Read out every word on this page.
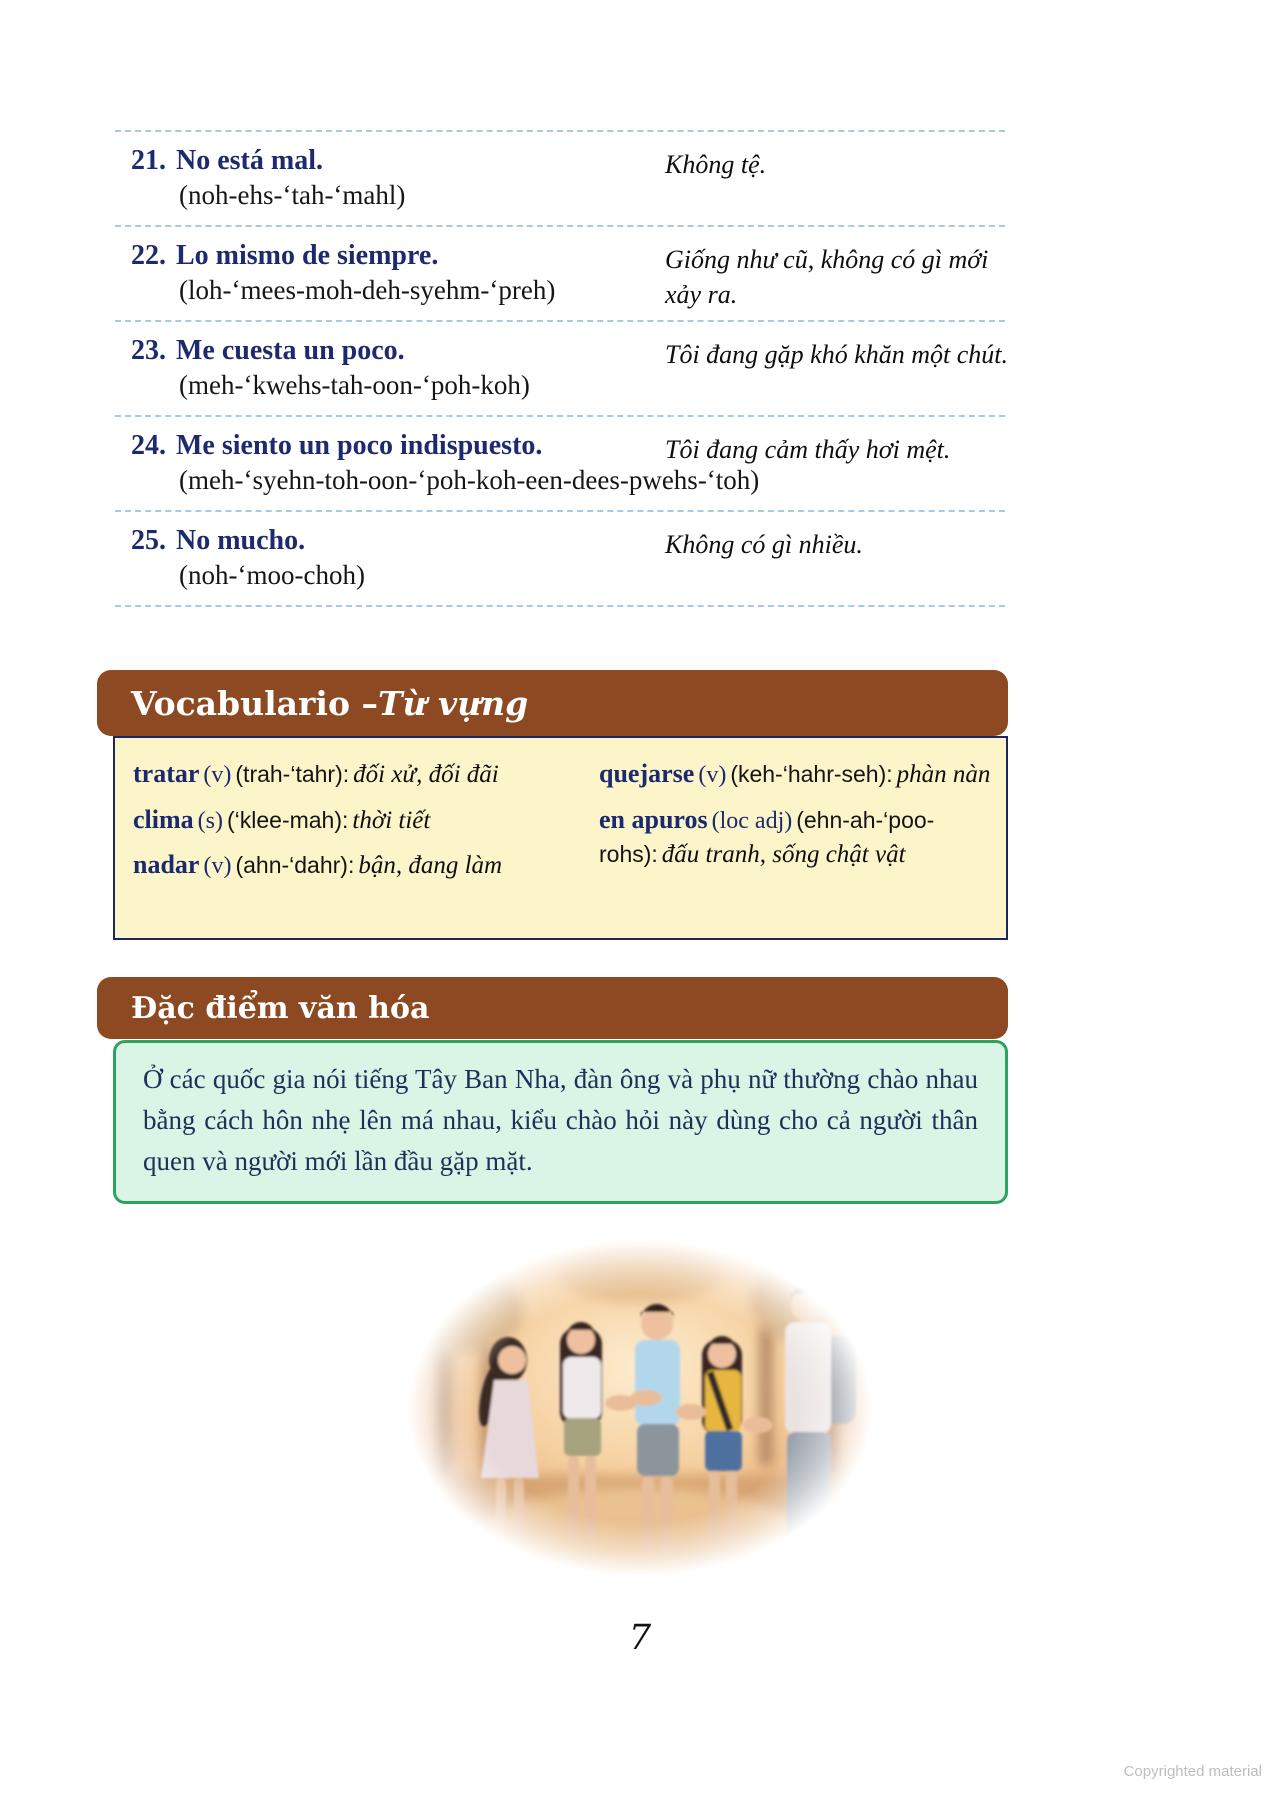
21. No está mal.
(noh-ehs-‘tah-‘mahl)
Không tệ.
22. Lo mismo de siempre.
(loh-‘mees-moh-deh-syehm-‘preh)
Giống như cũ, không có gì mới xảy ra.
23. Me cuesta un poco.
(meh-‘kwehs-tah-oon-‘poh-koh)
Tôi đang gặp khó khăn một chút.
24. Me siento un poco indispuesto.
(meh-‘syehn-toh-oon-‘poh-koh-een-dees-pwehs-‘toh)
Tôi đang cảm thấy hơi mệt.
25. No mucho.
(noh-‘moo-choh)
Không có gì nhiều.
Vocabulario – Từ vựng
tratar (v) (trah-‘tahr): đối xử, đối đãi
clima (s) (‘klee-mah): thời tiết
nadar (v) (ahn-‘dahr): bận, đang làm
quejarse (v) (keh-‘hahr-seh): phàn nàn
en apuros (loc adj) (ehn-ah-‘poo-rohs): đấu tranh, sống chật vật
Đặc điểm văn hóa
Ở các quốc gia nói tiếng Tây Ban Nha, đàn ông và phụ nữ thường chào nhau bằng cách hôn nhẹ lên má nhau, kiểu chào hỏi này dùng cho cả người thân quen và người mới lần đầu gặp mặt.
7
Copyrighted material
